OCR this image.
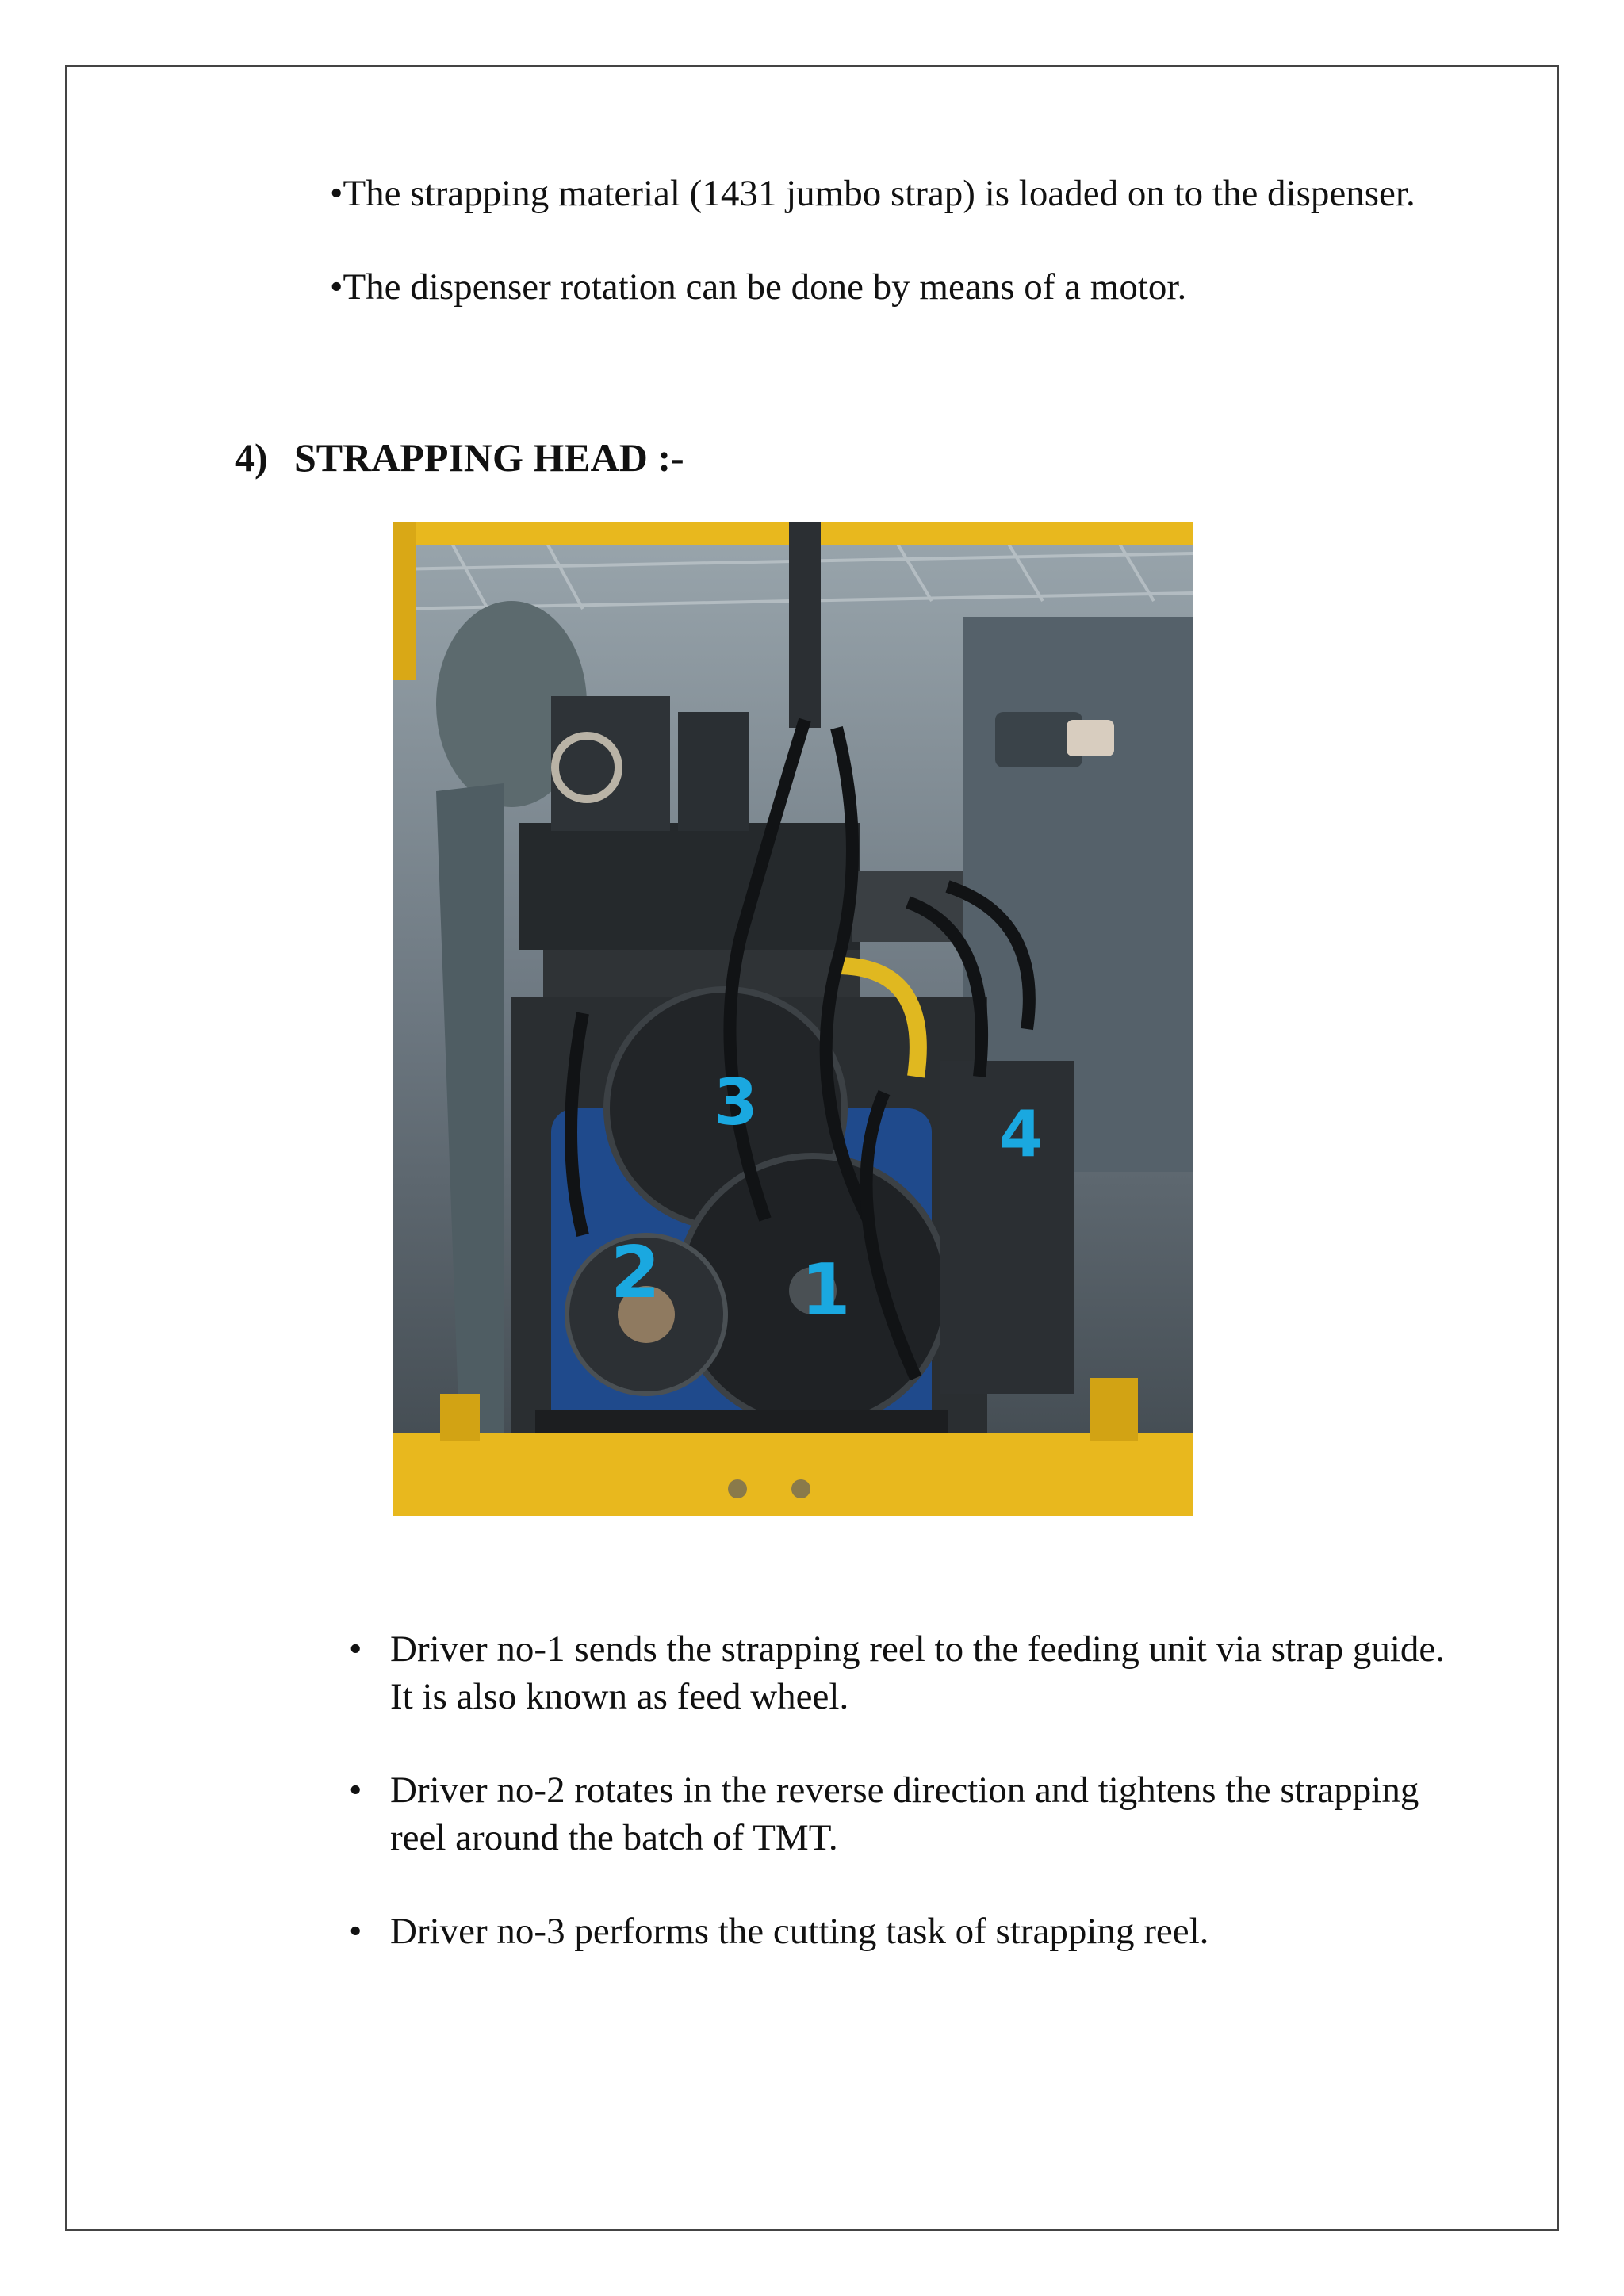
•The strapping material (1431 jumbo strap) is loaded on to the dispenser.

•The dispenser rotation can be done by means of a motor.

4) STRAPPING HEAD :-
3	4
2 1
• Driver no-1 sends the strapping reel to the feeding unit via strap guide. It is also known as feed wheel.
• Driver no-2 rotates in the reverse direction and tightens the strapping reel around the batch of TMT.
• Driver no-3 performs the cutting task of strapping reel.
